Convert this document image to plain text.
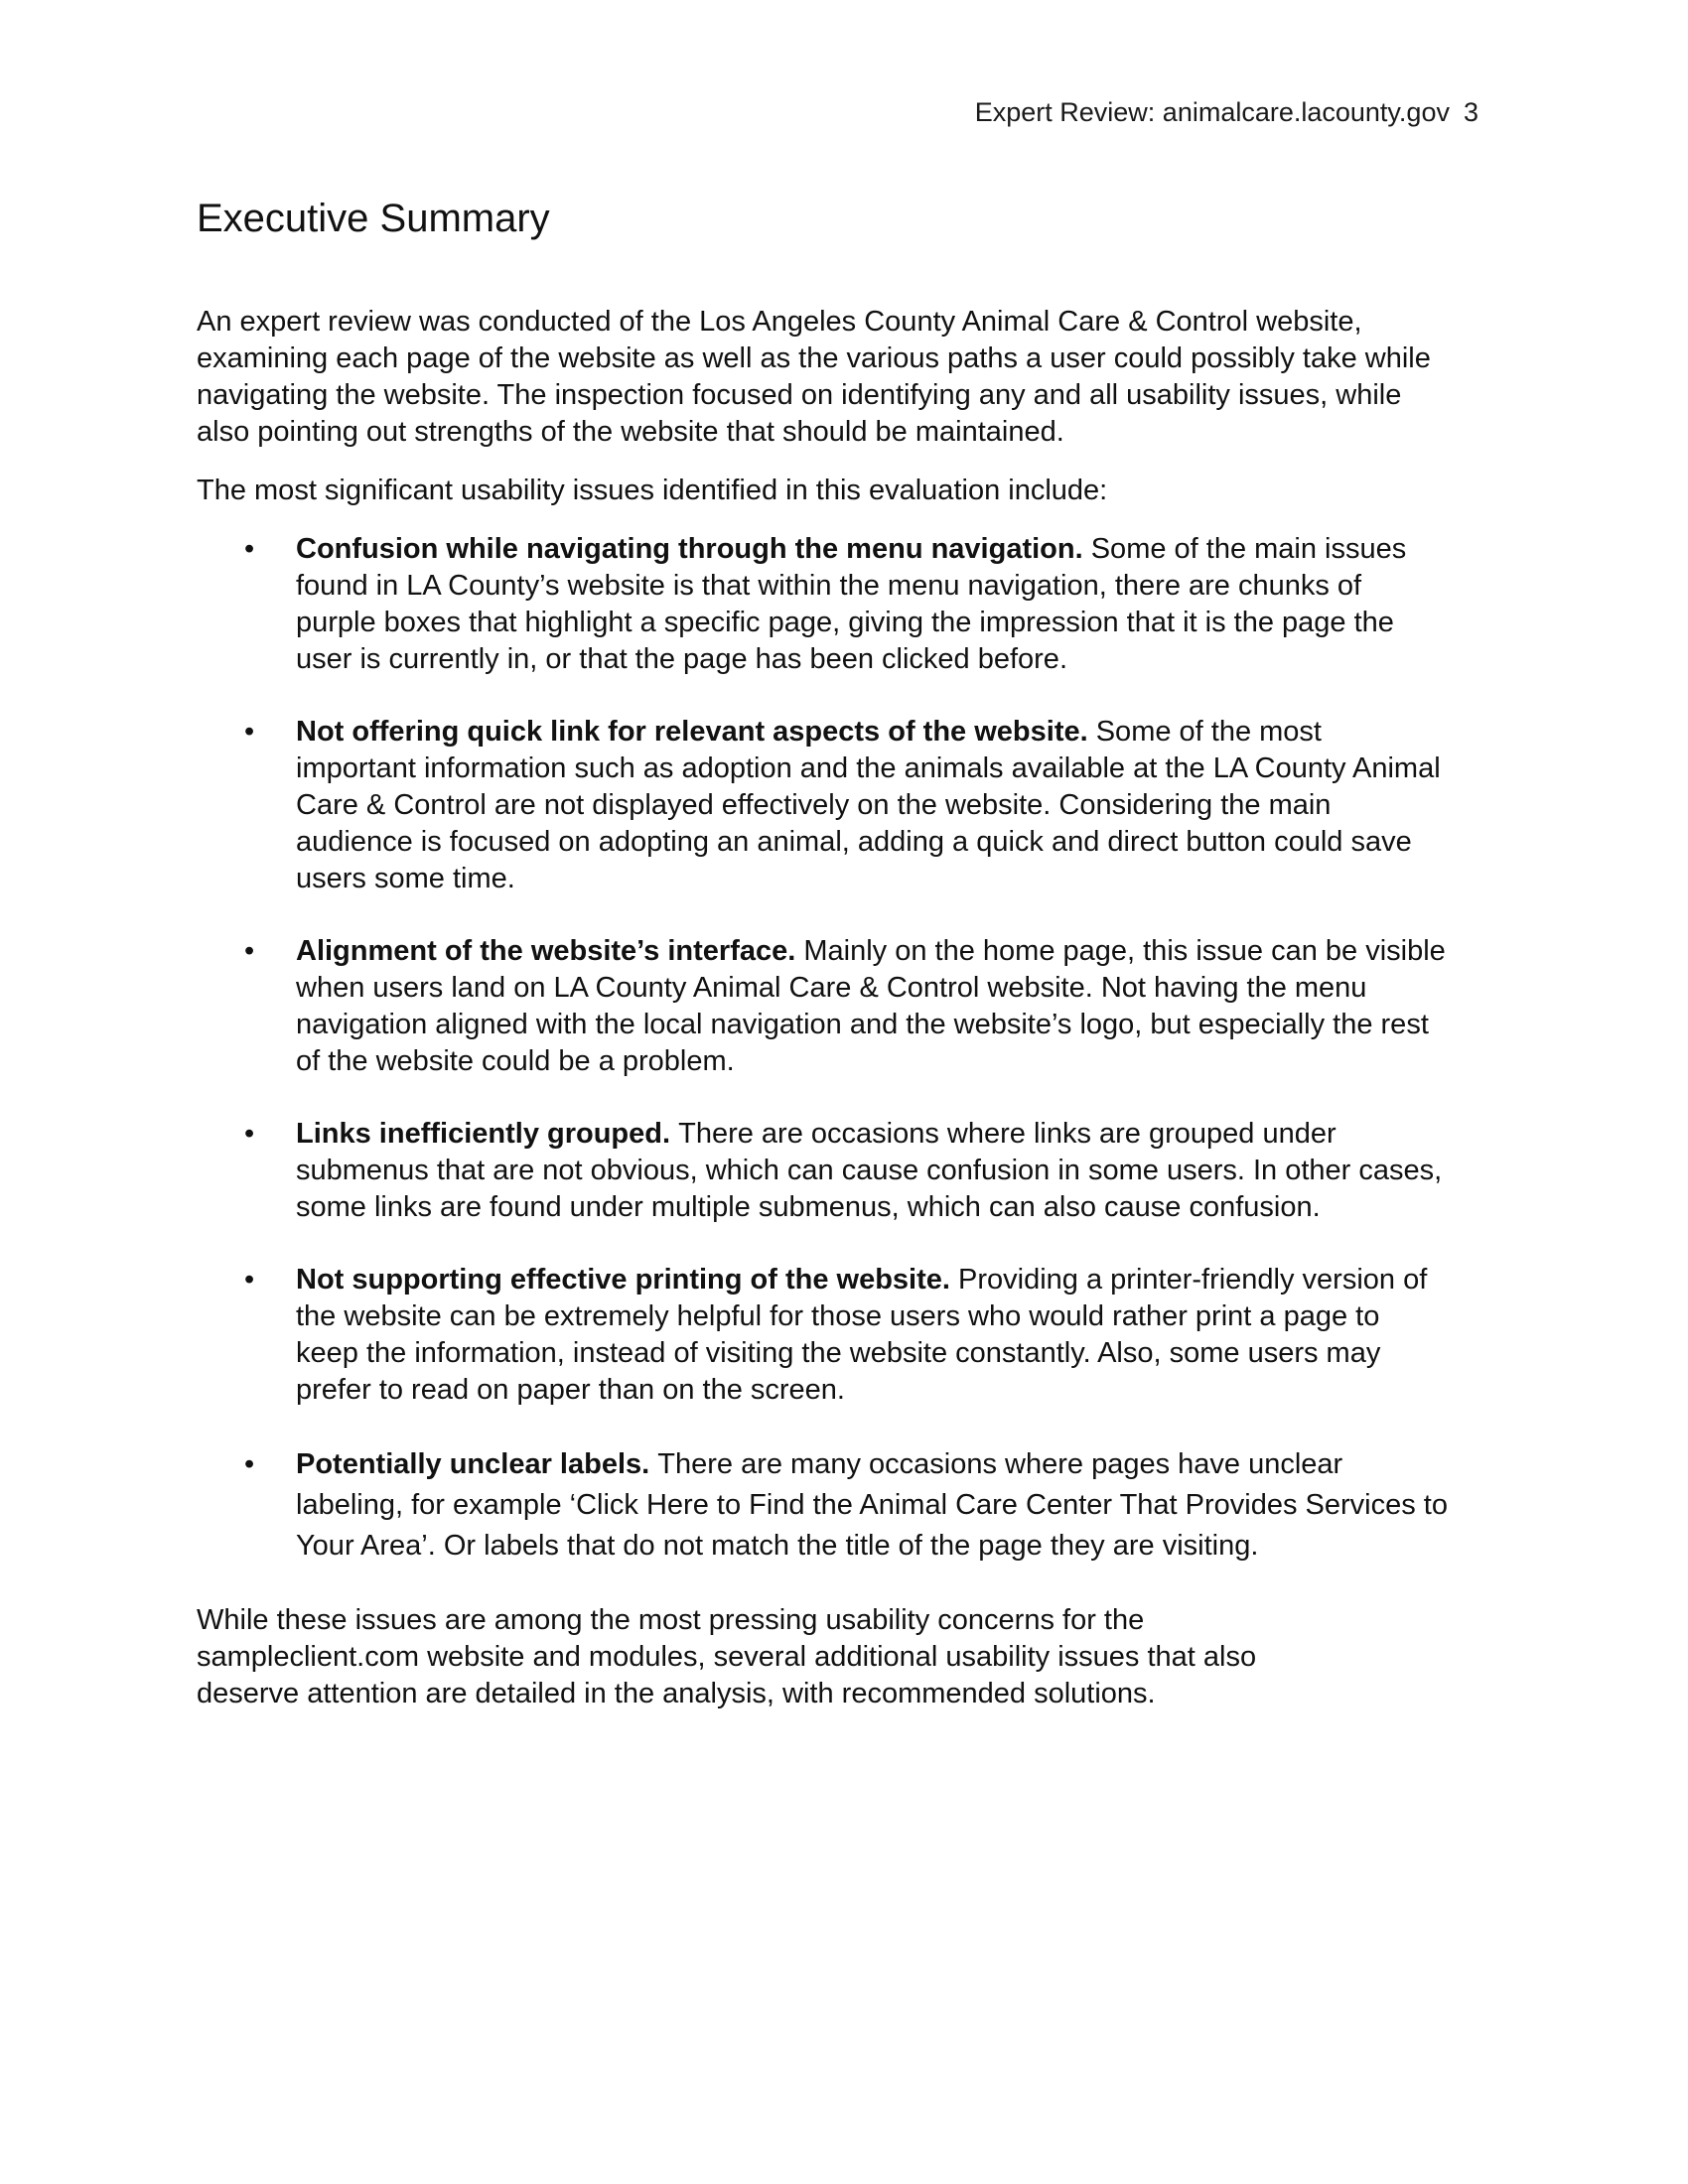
Expert Review: animalcare.lacounty.gov 3
Executive Summary

An expert review was conducted of the Los Angeles County Animal Care & Control website, examining each page of the website as well as the various paths a user could possibly take while navigating the website. The inspection focused on identifying any and all usability issues, while also pointing out strengths of the website that should be maintained.

The most significant usability issues identified in this evaluation include:

• Confusion while navigating through the menu navigation. Some of the main issues found in LA County’s website is that within the menu navigation, there are chunks of purple boxes that highlight a specific page, giving the impression that it is the page the user is currently in, or that the page has been clicked before.
• Not offering quick link for relevant aspects of the website. Some of the most important information such as adoption and the animals available at the LA County Animal Care & Control are not displayed effectively on the website. Considering the main audience is focused on adopting an animal, adding a quick and direct button could save users some time.
• Alignment of the website’s interface. Mainly on the home page, this issue can be visible when users land on LA County Animal Care & Control website. Not having the menu navigation aligned with the local navigation and the website’s logo, but especially the rest of the website could be a problem.
• Links inefficiently grouped. There are occasions where links are grouped under submenus that are not obvious, which can cause confusion in some users. In other cases, some links are found under multiple submenus, which can also cause confusion.
• Not supporting effective printing of the website. Providing a printer-friendly version of the website can be extremely helpful for those users who would rather print a page to keep the information, instead of visiting the website constantly. Also, some users may prefer to read on paper than on the screen.
• Potentially unclear labels. There are many occasions where pages have unclear labeling, for example ‘Click Here to Find the Animal Care Center That Provides Services to Your Area’. Or labels that do not match the title of the page they are visiting.

While these issues are among the most pressing usability concerns for the sampleclient.com website and modules, several additional usability issues that also deserve attention are detailed in the analysis, with recommended solutions.
